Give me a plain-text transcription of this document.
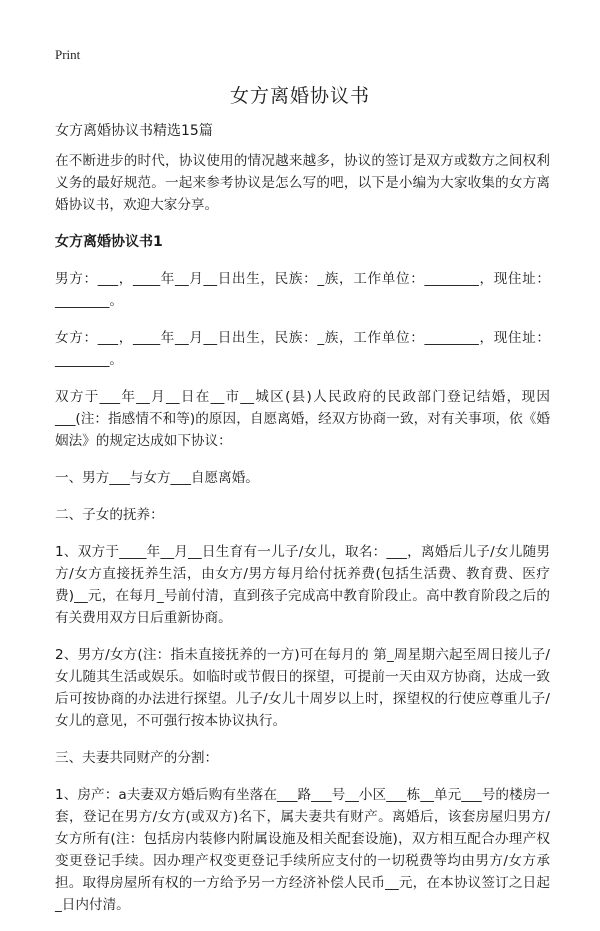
Print
女方离婚协议书
女方离婚协议书精选15篇

在不断进步的时代，协议使用的情况越来越多，协议的签订是双方或数方之间权利义务的最好规范。一起来参考协议是怎么写的吧，以下是小编为大家收集的女方离婚协议书，欢迎大家分享。

女方离婚协议书1

男方：___，____年__月__日出生，民族：_族，工作单位：________，现住址：________。

女方：___，____年__月__日出生，民族：_族，工作单位：________，现住址：________。

双方于___年__月__日在__市__城区(县)人民政府的民政部门登记结婚，现因___(注：指感情不和等)的原因，自愿离婚，经双方协商一致，对有关事项，依《婚姻法》的规定达成如下协议：

一、男方___与女方___自愿离婚。

二、子女的抚养：

1、双方于____年__月__日生育有一儿子/女儿，取名：___，离婚后儿子/女儿随男方/女方直接抚养生活，由女方/男方每月给付抚养费(包括生活费、教育费、医疗费)__元，在每月_号前付清，直到孩子完成高中教育阶段止。高中教育阶段之后的有关费用双方日后重新协商。

2、男方/女方(注：指未直接抚养的一方)可在每月的 第_周星期六起至周日接儿子/女儿随其生活或娱乐。如临时或节假日的探望，可提前一天由双方协商，达成一致后可按协商的办法进行探望。儿子/女儿十周岁以上时，探望权的行使应尊重儿子/女儿的意见，不可强行按本协议执行。

三、夫妻共同财产的分割：

1、房产：a夫妻双方婚后购有坐落在___路___号__小区___栋__单元___号的楼房一套，登记在男方/女方(或双方)名下，属夫妻共有财产。离婚后，该套房屋归男方/女方所有(注：包括房内装修内附属设施及相关配套设施)，双方相互配合办理产权变更登记手续。因办理产权变更登记手续所应支付的一切税费等均由男方/女方承担。取得房屋所有权的一方给予另一方经济补偿人民币__元，在本协议签订之日起_日内付清。
